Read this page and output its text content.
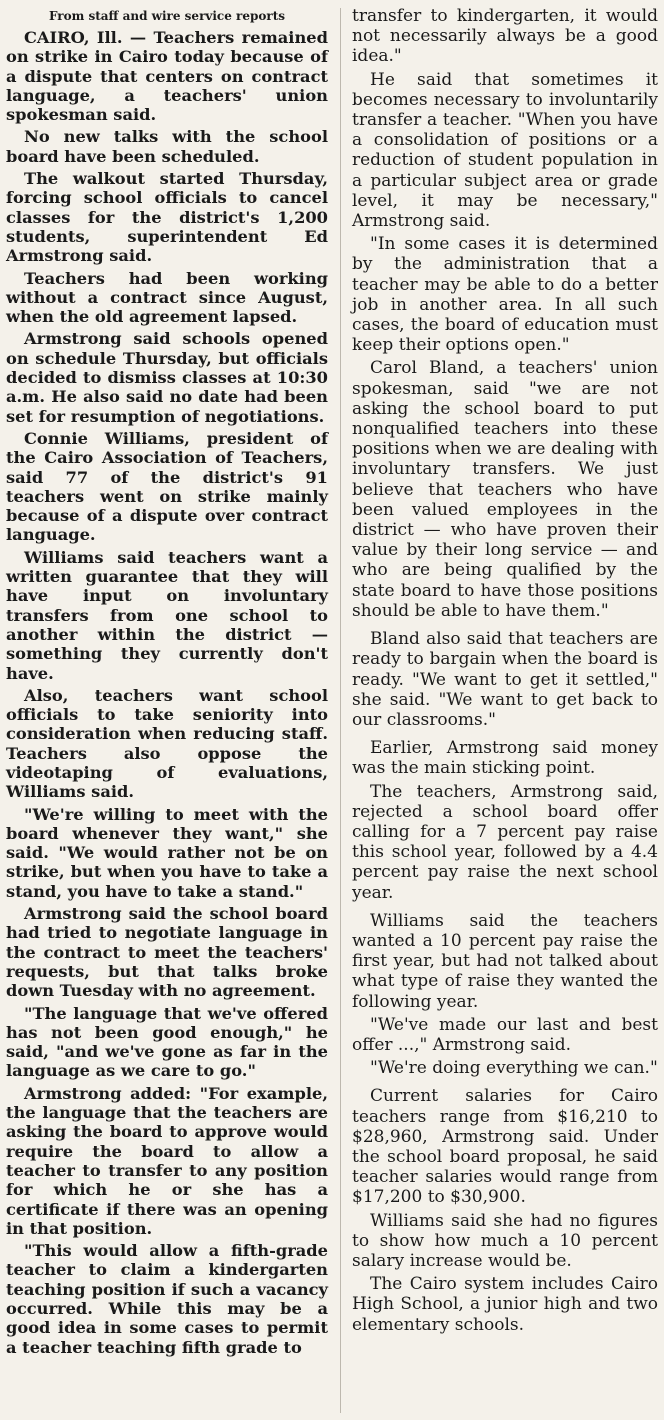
From staff and wire service reports

CAIRO, Ill. — Teachers remained on strike in Cairo today because of a dispute that centers on contract language, a teachers' union spokesman said.

No new talks with the school board have been scheduled.

The walkout started Thursday, forcing school officials to cancel classes for the district's 1,200 students, superintendent Ed Armstrong said.

Teachers had been working without a contract since August, when the old agreement lapsed.

Armstrong said schools opened on schedule Thursday, but officials decided to dismiss classes at 10:30 a.m. He also said no date had been set for resumption of negotiations.

Connie Williams, president of the Cairo Association of Teachers, said 77 of the district's 91 teachers went on strike mainly because of a dispute over contract language.

Williams said teachers want a written guarantee that they will have input on involuntary transfers from one school to another within the district — something they currently don't have.

Also, teachers want school officials to take seniority into consideration when reducing staff. Teachers also oppose the videotaping of evaluations, Williams said.

"We're willing to meet with the board whenever they want," she said. "We would rather not be on strike, but when you have to take a stand, you have to take a stand."

Armstrong said the school board had tried to negotiate language in the contract to meet the teachers' requests, but that talks broke down Tuesday with no agreement.

"The language that we've offered has not been good enough," he said, "and we've gone as far in the language as we care to go."

Armstrong added: "For example, the language that the teachers are asking the board to approve would require the board to allow a teacher to transfer to any position for which he or she has a certificate if there was an opening in that position.

"This would allow a fifth-grade teacher to claim a kindergarten teaching position if such a vacancy occurred. While this may be a good idea in some cases to permit a teacher teaching fifth grade to

transfer to kindergarten, it would not necessarily always be a good idea."

He said that sometimes it becomes necessary to involuntarily transfer a teacher. "When you have a consolidation of positions or a reduction of student population in a particular subject area or grade level, it may be necessary," Armstrong said.

"In some cases it is determined by the administration that a teacher may be able to do a better job in another area. In all such cases, the board of education must keep their options open."

Carol Bland, a teachers' union spokesman, said "we are not asking the school board to put nonqualified teachers into these positions when we are dealing with involuntary transfers. We just believe that teachers who have been valued employees in the district — who have proven their value by their long service — and who are being qualified by the state board to have those positions should be able to have them."

Bland also said that teachers are ready to bargain when the board is ready. "We want to get it settled," she said. "We want to get back to our classrooms."

Earlier, Armstrong said money was the main sticking point.

The teachers, Armstrong said, rejected a school board offer calling for a 7 percent pay raise this school year, followed by a 4.4 percent pay raise the next school year.

Williams said the teachers wanted a 10 percent pay raise the first year, but had not talked about what type of raise they wanted the following year.

"We've made our last and best offer ...," Armstrong said.

"We're doing everything we can."

Current salaries for Cairo teachers range from $16,210 to $28,960, Armstrong said. Under the school board proposal, he said teacher salaries would range from $17,200 to $30,900.

Williams said she had no figures to show how much a 10 percent salary increase would be.

The Cairo system includes Cairo High School, a junior high and two elementary schools.
